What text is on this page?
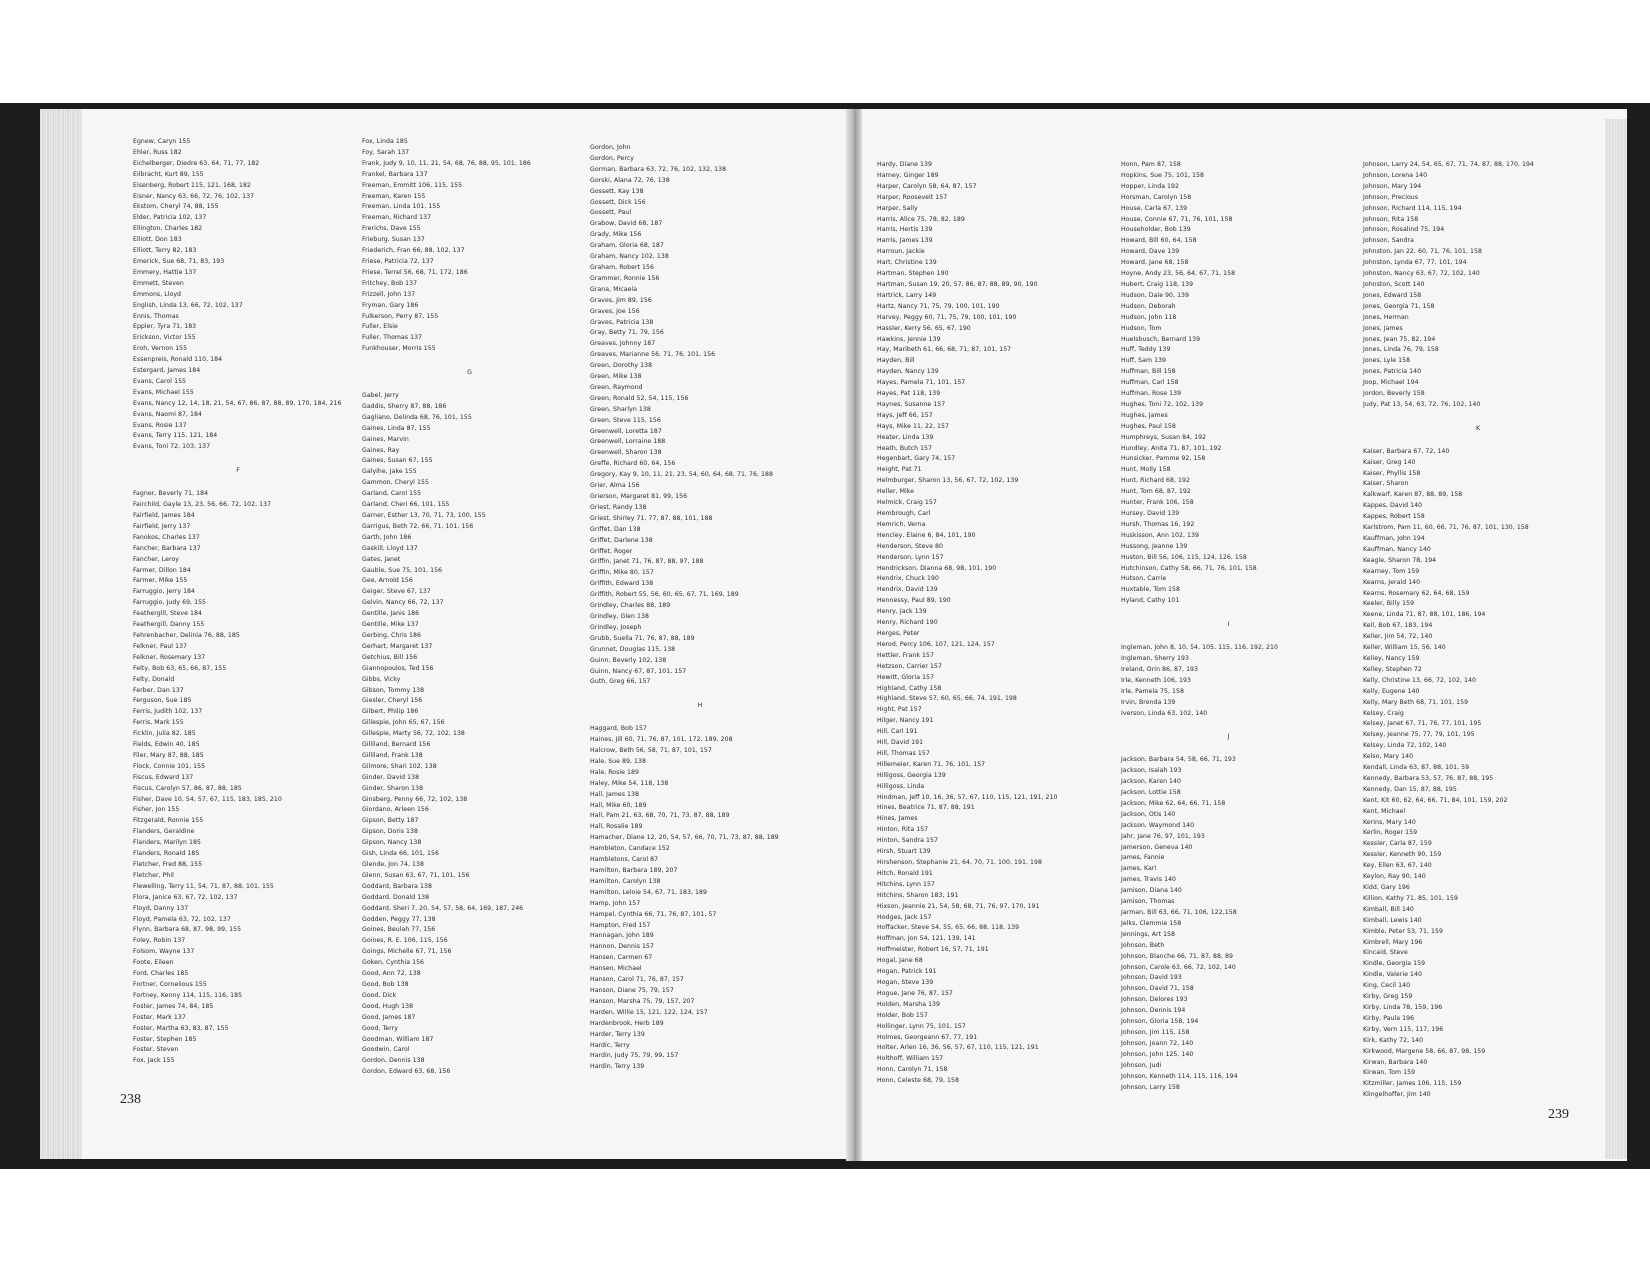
Egnew, Caryn 155
Ehler, Russ 182
Eichelberger, Diedre 63, 64, 71, 77, 182
Eilbracht, Kurt 89, 155
Eisenberg, Robert 115, 121, 168, 182
Eisner, Nancy 63, 66, 72, 76, 102, 137
Ekstom, Cheryl 74, 88, 155
Elder, Patricia 102, 137
Ellington, Charles 182
Elliott, Don 183
Elliott, Terry 82, 183
Emerick, Sue 68, 71, 83, 193
Emmery, Hattie 137
Emmett, Steven
Emmons, Lloyd
English, Linda 13, 66, 72, 102, 137
Ennis, Thomas
Eppler, Tyra 71, 183
Erickson, Victor 155
Eroh, Vernon 155
Essenpreis, Ronald 110, 184
Estergard, James 184
Evans, Carol 155
Evans, Michael 155
Evans, Nancy 12, 14, 18, 21, 54, 67, 86, 87, 88, 89, 170, 184, 216
Evans, Naomi 87, 184
Evans, Rosie 137
Evans, Terry 115, 121, 184
Evans, Toni 72, 103, 137
F
Fagner, Beverly 71, 184
Fairchild, Gayle 13, 23, 56, 66, 72, 102, 137
Fairfield, James 184
Fairfield, Jerry 137
Fanokos, Charles 137
Fancher, Barbara 137
Fancher, Leroy
Farmer, Dillon 184
Farmer, Mike 155
Farruggio, Jerry 184
Farruggio, Judy 69, 155
Featherglll, Steve 184
Feathergill, Danny 155
Fehrenbacher, Delinia 76, 88, 185
Felkner, Paul 137
Felkner, Rosemary 137
Felty, Bob 63, 65, 66, 87, 155
Felty, Donald
Ferber, Dan 137
Ferguson, Sue 185
Ferris, Judith 102, 137
Ferris, Mark 155
Ficklin, Julia 82, 185
Fields, Edwin 40, 185
Filer, Mary 87, 88, 185
Flock, Connie 101, 155
Fiscus, Edward 137
Fiscus, Carolyn 57, 86, 87, 88, 185
Fisher, Dave 10, 54, 57, 67, 115, 183, 185, 210
Fisher, Jon 155
Fitzgerald, Ronnie 155
Flanders, Geraldine
Flanders, Marilyn 185
Flanders, Ronald 185
Fletcher, Fred 88, 155
Fletcher, Phil
Flewelling, Terry 11, 54, 71, 87, 88, 101, 155
Flora, Janice 63, 67, 72, 102, 137
Floyd, Danny 137
Floyd, Pamela 63, 72, 102, 137
Flynn, Barbara 68, 87, 98, 99, 155
Foley, Robin 137
Folsom, Wayne 137
Foote, Eileen
Ford, Charles 185
Fortner, Cornelious 155
Fortney, Kenny 114, 115, 116, 185
Foster, James 74, 84, 185
Foster, Mark 137
Foster, Martha 63, 83, 87, 155
Foster, Stephen 185
Foster, Steven
Fox, Jack 155
Fox, Linda 185
Foy, Sarah 137
Frank, Judy 9, 10, 11, 21, 54, 68, 76, 88, 95, 101, 186
Frankel, Barbara 137
Freeman, Emmitt 106, 115, 155
Freeman, Karen 155
Freeman, Linda 101, 155
Freeman, Richard 137
Frerichs, Dave 155
Frieburg, Susan 137
Friederich, Fran 66, 88, 102, 137
Friese, Patricia 72, 137
Friese, Terrel 56, 68, 71, 172, 186
Fritchey, Bob 137
Frizzell, John 137
Fryman, Gary 186
Fulkerson, Perry 87, 155
Fuller, Elsie
Fuller, Thomas 137
Funkhouser, Morris 155
G
Gabel, Jerry
Gaddis, Sherry 87, 88, 186
Gagliano, Delinda 68, 76, 101, 155
Gaines, Linda 87, 155
Gaines, Marvin
Gaines, Ray
Gaines, Susan 67, 155
Galyihe, Jake 155
Gammon, Cheryl 155
Garland, Carol 155
Garland, Cheri 66, 101, 155
Garner, Esther 13, 70, 71, 73, 100, 155
Garrigus, Beth 72, 66, 71, 101, 156
Garth, John 186
Gaskill, Lloyd 137
Gates, Janet
Gauble, Sue 75, 101, 156
Gee, Arnold 156
Geiger, Steve 67, 137
Gelvin, Nancy 66, 72, 137
Gentille, Janis 186
Gentille, Mike 137
Gerbing, Chris 186
Gerhart, Margaret 137
Getchius, Bill 156
Giannopoulos, Ted 156
Gibbs, Vicky
Gibson, Tommy 138
Giesler, Cheryl 156
Gilbert, Philip 186
Gillespie, John 65, 67, 156
Gillespie, Marty 56, 72, 102, 138
Gilliland, Bernard 156
Gilliland, Frank 138
Gilmore, Shari 102, 138
Ginder, David 138
Ginder, Sharon 138
Ginsberg, Penny 66, 72, 102, 138
Giordano, Arleen 156
Gipson, Betty 187
Gipson, Doris 138
Gipson, Nancy 138
Gish, Linda 66, 101, 156
Glende, Jon 74, 138
Glenn, Susan 63, 67, 71, 101, 156
Goddard, Barbara 138
Goddard, Donald 138
Goddard, Sheri 7, 20, 54, 57, 58, 64, 169, 187, 246
Godden, Peggy 77, 138
Goines, Beulah 77, 156
Goines, R. E. 106, 115, 156
Goings, Michelle 67, 71, 156
Goken, Cynthia 156
Good, Ann 72, 138
Good, Bob 138
Good, Dick
Good, Hugh 138
Good, James 187
Good, Terry
Goodman, William 187
Goodwin, Carol
Gordon, Dennis 138
Gordon, Edward 63, 68, 156
Gordon, John
Gordon, Percy
Gorman, Barbara 63, 72, 76, 102, 132, 138
Gorski, Alana 72, 76, 138
Gossett, Kay 138
Gossett, Dick 156
Gossett, Paul
Grabow, David 68, 187
Grady, Mike 156
Graham, Gloria 68, 187
Graham, Nancy 102, 138
Graham, Robert 156
Grammer, Ronnie 156
Grana, Micaela
Graves, Jim 89, 156
Graves, Joe 156
Graves, Patricia 138
Gray, Betty 71, 79, 156
Greaves, Johnny 187
Greaves, Marianne 56, 71, 76, 101, 156
Green, Dorothy 138
Green, Mike 138
Green, Raymond
Green, Ronald 52, 54, 115, 156
Green, Sharlyn 138
Green, Steve 115, 156
Greenwell, Loretta 187
Greenwell, Lorraine 188
Greenwell, Sharon 138
Greffe, Richard 60, 64, 156
Gregory, Kay 9, 10, 11, 21, 23, 54, 60, 64, 68, 71, 76, 188
Grier, Alma 156
Grierson, Margaret 81, 99, 156
Griest, Randy 138
Griest, Shirley 71, 77, 87, 88, 101, 188
Griffet, Dan 138
Griffet, Darlene 138
Griffet, Roger
Griffin, Janet 71, 76, 87, 88, 97, 188
Griffin, Mike 80, 157
Griffith, Edward 138
Griffith, Robert 55, 56, 60, 65, 67, 71, 169, 189
Grindley, Charles 88, 189
Grindley, Glen 138
Grindley, Joseph
Grubb, Suella 71, 76, 87, 88, 189
Grunnet, Douglas 115, 138
Guinn, Beverly 102, 138
Guinn, Nancy 67, 87, 101, 157
Guth, Greg 66, 157
H
Haggard, Bob 157
Haines, Jill 60, 71, 76, 87, 101, 172, 189, 208
Halcrow, Beth 56, 58, 71, 87, 101, 157
Hale, Sue 89, 138
Hale, Rosie 189
Haley, Mike 54, 118, 138
Hall, James 138
Hall, Mike 60, 189
Hall, Pam 21, 63, 68, 70, 71, 73, 87, 88, 189
Hall, Rosalie 189
Hamacher, Diane 12, 20, 54, 57, 66, 70, 71, 73, 87, 88, 189
Hambleton, Candace 152
Hambletons, Carol 87
Hamilton, Barbara 189, 207
Hamilton, Carolyn 138
Hamilton, Leloie 54, 67, 71, 183, 189
Hamp, John 157
Hampel, Cynthia 66, 71, 76, 87, 101, 57
Hampton, Fred 157
Hannagan, John 189
Hannon, Dennis 157
Hansen, Carmen 67
Hansen, Michael
Hanson, Carol 71, 76, 87, 157
Hanson, Diane 75, 79, 157
Hanson, Marsha 75, 79, 157, 207
Harden, Willie 15, 121, 122, 124, 157
Hardenbrook, Herb 189
Harder, Terry 139
Hardic, Terry
Hardin, Judy 75, 79, 99, 157
Hardin, Terry 139
Hardy, Diane 139
Harney, Ginger 189
Harper, Carolyn 58, 64, 87, 157
Harper, Roosevelt 157
Harper, Sally
Harris, Alice 75, 78, 82, 189
Harris, Hertis 139
Harris, James 139
Harroun, Jackie
Hart, Christine 139
Hartman, Stephen 190
Hartman, Susan 19, 20, 57, 86, 87, 88, 89, 90, 190
Hartrick, Larry 149
Hartz, Nancy 71, 75, 79, 100, 101, 190
Harvey, Peggy 60, 71, 75, 79, 100, 101, 190
Hassler, Kerry 56, 65, 67, 190
Hawkins, Jennie 139
Hay, Maribeth 61, 66, 68, 71, 87, 101, 157
Hayden, Bill
Hayden, Nancy 139
Hayes, Pamela 71, 101, 157
Hayes, Pat 118, 139
Haynes, Susanne 157
Hays, Jeff 66, 157
Hays, Mike 11, 22, 157
Heater, Linda 139
Heath, Butch 157
Hegenbart, Gary 74, 157
Height, Pat 71
Helmburger, Sharon 13, 56, 67, 72, 102, 139
Heller, Mike
Helmick, Craig 157
Hembrough, Carl
Hemrich, Verna
Hencley, Elaine 6, 84, 101, 190
Henderson, Steve 80
Henderson, Lynn 157
Hendrickson, Dianna 68, 98, 101, 190
Hendrix, Chuck 190
Hendrix, David 139
Hennessy, Paul 89, 190
Henry, Jack 139
Henry, Richard 190
Herges, Peter
Herod, Percy 106, 107, 121, 124, 157
Hettler, Frank 157
Hetzson, Carrier 157
Hewitt, Gloria 157
Highland, Cathy 158
Highland, Steve 57, 60, 65, 66, 74, 191, 198
Hight, Pat 157
Hilger, Nancy 191
Hill, Carl 191
Hill, David 191
Hill, Thomas 157
Hillemeier, Karen 71, 76, 101, 157
Hilligoss, Georgia 139
Hilligoss, Linda
Hindman, Jeff 10, 16, 36, 57, 67, 110, 115, 121, 191, 210
Hines, Beatrice 71, 87, 88, 191
Hines, James
Hinton, Rita 157
Hinton, Sandra 157
Hirsh, Stuart 139
Hirshenson, Stephanie 21, 64, 70, 71, 100, 191, 198
Hitch, Ronald 191
Hitchins, Lynn 157
Hitchins, Sharon 183, 191
Hixson, Jeannie 21, 54, 58, 68, 71, 76, 97, 170, 191
Hodges, Jack 157
Hoffacker, Steve 54, 55, 65, 66, 88, 118, 139
Hoffman, Jon 54, 121, 139, 141
Hoffmeister, Robert 16, 57, 71, 191
Hogal, Jane 68
Hogan, Patrick 191
Hogan, Steve 139
Hogue, Jane 76, 87, 157
Holden, Marsha 139
Holder, Bob 157
Hollinger, Lynn 75, 101, 157
Holmes, Georgeann 67, 77, 191
Holter, Arlen 16, 36, 56, 57, 67, 110, 115, 121, 191
Holthoff, William 157
Honn, Carolyn 71, 158
Honn, Celeste 68, 79, 158
Honn, Pam 87, 158
Hopkins, Sue 75, 101, 158
Hopper, Linda 192
Horsman, Carolyn 158
House, Carla 67, 139
House, Connie 67, 71, 76, 101, 158
Householder, Bob 139
Howard, Bill 60, 64, 158
Howard, Dave 139
Howard, Jane 68, 158
Hoyne, Andy 23, 56, 64, 67, 71, 158
Hubert, Craig 118, 139
Hudson, Dale 90, 139
Hudson, Deborah
Hudson, John 118
Hudson, Tom
Huelsbusch, Bernard 139
Huff, Teddy 139
Huff, Sam 139
Huffman, Bill 158
Huffman, Carl 158
Huffman, Rose 139
Hughes, Toni 72, 102, 139
Hughes, James
Hughes, Paul 158
Humphreys, Susan 84, 192
Hundley, Anita 71, 87, 101, 192
Hunsicker, Pamme 92, 158
Hunt, Molly 158
Hunt, Richard 68, 192
Hunt, Tom 68, 87, 192
Hunter, Frank 106, 158
Hursey, David 139
Hursh, Thomas 16, 192
Huskisson, Ann 102, 139
Hussong, Jeanne 139
Huston, Bill 56, 106, 115, 124, 126, 158
Hutchinson, Cathy 58, 66, 71, 76, 101, 158
Hutson, Carrie
Huxtable, Tom 158
Hyland, Cathy 101
I
Ingleman, John 8, 10, 54, 105, 115, 116, 192, 210
Ingleman, Sherry 193
Ireland, Orin 86, 87, 193
Irle, Kenneth 106, 193
Irle, Pamela 75, 158
Irvin, Brenda 139
Iverson, Linda 63, 102, 140
J
Jackson, Barbara 54, 58, 66, 71, 193
Jackson, Isaiah 193
Jackson, Karen 140
Jackson, Lottie 158
Jackson, Mike 62, 64, 66, 71, 158
Jackson, Otis 140
Jackson, Waymond 140
Jahr, Jane 76, 97, 101, 193
Jamerson, Geneva 140
James, Fannie
James, Karl
James, Travis 140
Jamison, Diana 140
Jamison, Thomas
Jarman, Bill 63, 66, 71, 106, 122,158
Jelks, Clemmie 158
Jennings, Art 158
Johnson, Beth
Johnson, Blanche 66, 71, 87, 88, 89
Johnson, Carole 63, 66, 72, 102, 140
Johnson, David 193
Johnson, David 71, 158
Johnson, Delores 193
Johnson, Dennis 194
Johnson, Gloria 158, 194
Johnson, Jim 115, 158
Johnson, Joann 72, 140
Johnson, John 125, 140
Johnson, Judi
Johnson, Kenneth 114, 115, 116, 194
Johnson, Larry 158
Johnson, Larry 24, 54, 65, 67, 71, 74, 87, 88, 170, 194
Johnson, Lorena 140
Johnson, Mary 194
Johnson, Precious
Johnson, Richard 114, 115, 194
Johnson, Rita 158
Johnson, Rosalind 75, 194
Johnson, Sandra
Johnston, Jan 22, 60, 71, 76, 101, 158
Johnston, Lynda 67, 77, 101, 194
Johnston, Nancy 63, 67, 72, 102, 140
Johnston, Scott 140
Jones, Edward 158
Jones, Georgia 71, 158
Jones, Herman
Jones, James
Jones, Jean 75, 82, 194
Jones, Linda 76, 79, 158
Jones, Lyle 158
Jones, Patricia 140
Joop, Michael 194
Jordon, Beverly 158
Judy, Pat 13, 54, 63, 72, 76, 102, 140
K
Kaiser, Barbara 67, 72, 140
Kaiser, Greg 140
Kaiser, Phyllis 158
Kaiser, Sharon
Kalkwarf, Karen 87, 88, 89, 158
Kappes, David 140
Kappes, Robert 158
Karlstrom, Pam 11, 60, 66, 71, 76, 87, 101, 130, 158
Kauffman, John 194
Kauffman, Nancy 140
Keagle, Sharon 78, 194
Kearney, Tom 159
Kearns, Jerald 140
Kearns, Rosemary 62, 64, 68, 159
Keeler, Billy 159
Keene, Linda 71, 87, 88, 101, 186, 194
Kell, Bob 67, 183, 194
Keller, Jim 54, 72, 140
Keller, William 15, 56, 140
Kelley, Nancy 159
Kelley, Stephen 72
Kelly, Christine 13, 66, 72, 102, 140
Kelly, Eugene 140
Kelly, Mary Beth 68, 71, 101, 159
Kelsey, Craig
Kelsey, Janet 67, 71, 76, 77, 101, 195
Kelsey, Jeanne 75, 77, 79, 101, 195
Kelsey, Linda 72, 102, 140
Kelso, Mary 140
Kendall, Linda 63, 87, 88, 101, 59
Kennedy, Barbara 53, 57, 76, 87, 88, 195
Kennedy, Dan 15, 87, 88, 195
Kent, Kit 60, 62, 64, 66, 71, 84, 101, 159, 202
Kent, Michael
Kerins, Mary 140
Kerlin, Roger 159
Kessler, Carla 87, 159
Kessler, Kenneth 90, 159
Key, Ellen 63, 67, 140
Keylon, Ray 90, 140
Kidd, Gary 196
Killion, Kathy 71, 85, 101, 159
Kimball, Bill 140
Kimball, Lewis 140
Kimble, Peter 53, 71, 159
Kimbrell, Mary 196
Kincaid, Steve
Kindle, Georgia 159
Kindle, Valerie 140
King, Cecil 140
Kirby, Greg 159
Kirby, Linda 78, 159, 196
Kirby, Paula 196
Kirby, Vern 115, 117, 196
Kirk, Kathy 72, 140
Kirkwood, Margene 58, 66, 87, 98, 159
Kirwan, Barbara 140
Kirwan, Tom 159
Kitzmiller, James 106, 115, 159
Klingelhoffer, Jim 140
238
239
